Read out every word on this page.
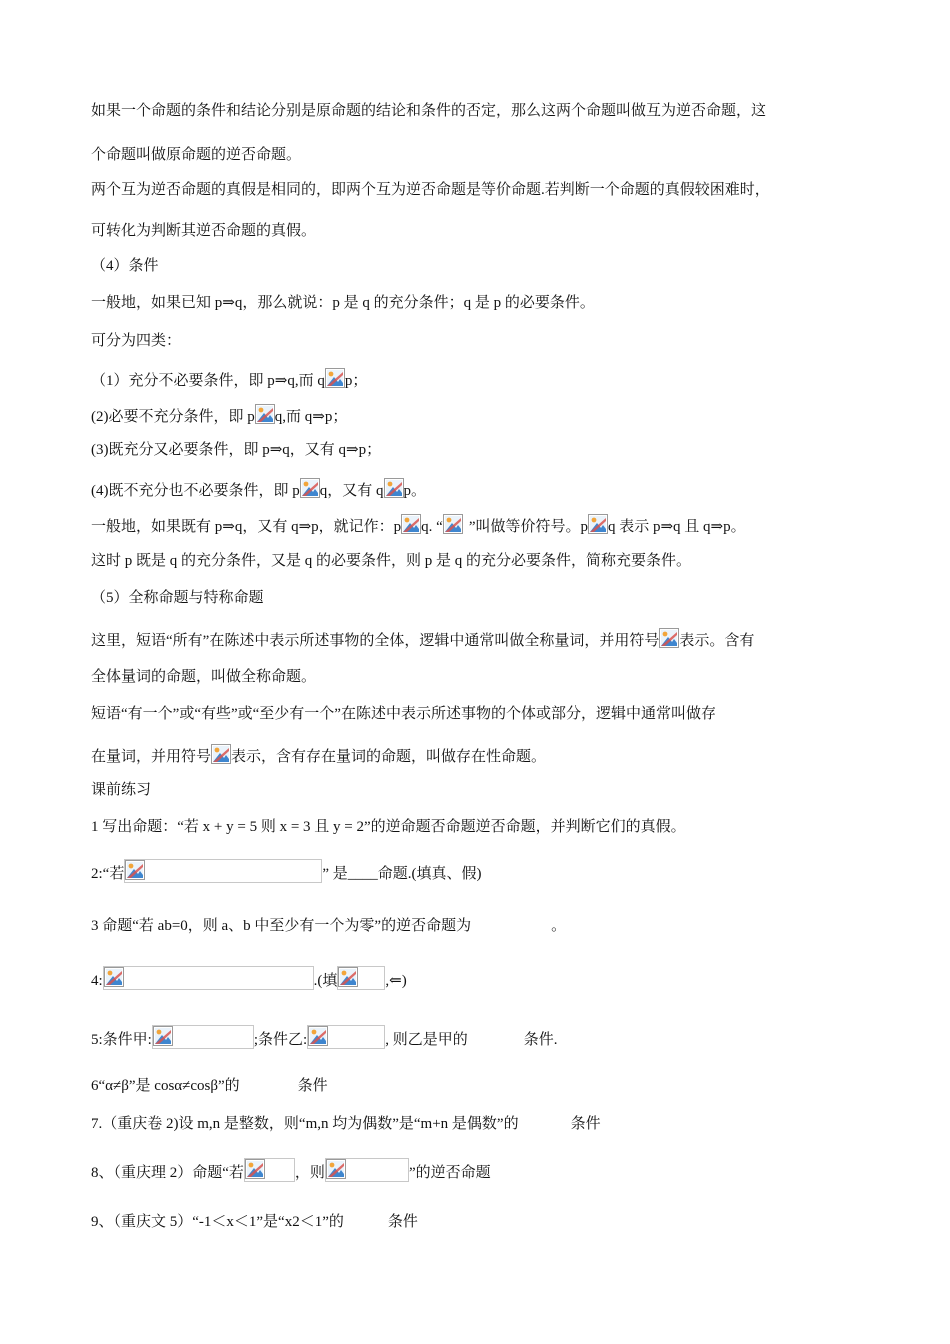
如果一个命题的条件和结论分别是原命题的结论和条件的否定，那么这两个命题叫做互为逆否命题，这
个命题叫做原命题的逆否命题。
两个互为逆否命题的真假是相同的，即两个互为逆否命题是等价命题.若判断一个命题的真假较困难时，
可转化为判断其逆否命题的真假。
（4）条件
一般地，如果已知 p⇒q，那么就说：p 是 q 的充分条件；q 是 p 的必要条件。
可分为四类：
（1）充分不必要条件，即 p⇒q,而 q p；
(2)必要不充分条件，即 p q,而 q⇒p；
(3)既充分又必要条件，即 p⇒q，又有 q⇒p；
(4)既不充分也不必要条件，即 p q，又有 q p。
一般地，如果既有 p⇒q，又有 q⇒p，就记作：p q. “ ”叫做等价符号。p q 表示 p⇒q 且 q⇒p。
这时 p 既是 q 的充分条件，又是 q 的必要条件，则 p 是 q 的充分必要条件，简称充要条件。
（5）全称命题与特称命题
这里，短语“所有”在陈述中表示所述事物的全体，逻辑中通常叫做全称量词，并用符号 表示。含有
全体量词的命题，叫做全称命题。
短语“有一个”或“有些”或“至少有一个”在陈述中表示所述事物的个体或部分，逻辑中通常叫做存
在量词，并用符号 表示，含有存在量词的命题，叫做存在性命题。
课前练习
1 写出命题：“若 x + y = 5 则 x = 3 且 y = 2”的逆命题否命题逆否命题，并判断它们的真假。
2:“若	” 是____命题.(填真、假)
3 命题“若 ab=0，则 a、b 中至少有一个为零”的逆否命题为	。
4:	.(填	,⇐)
5:条件甲:	;条件乙:	, 则乙是甲的	条件.
6“α≠β”是 cosα≠cosβ”的	条件
7.（重庆卷 2)设 m,n 是整数，则“m,n 均为偶数”是“m+n 是偶数”的	条件
8、（重庆理 2）命题“若	，则	”的逆否命题
9、（重庆文 5）“-1＜x＜1”是“x2＜1”的	条件
